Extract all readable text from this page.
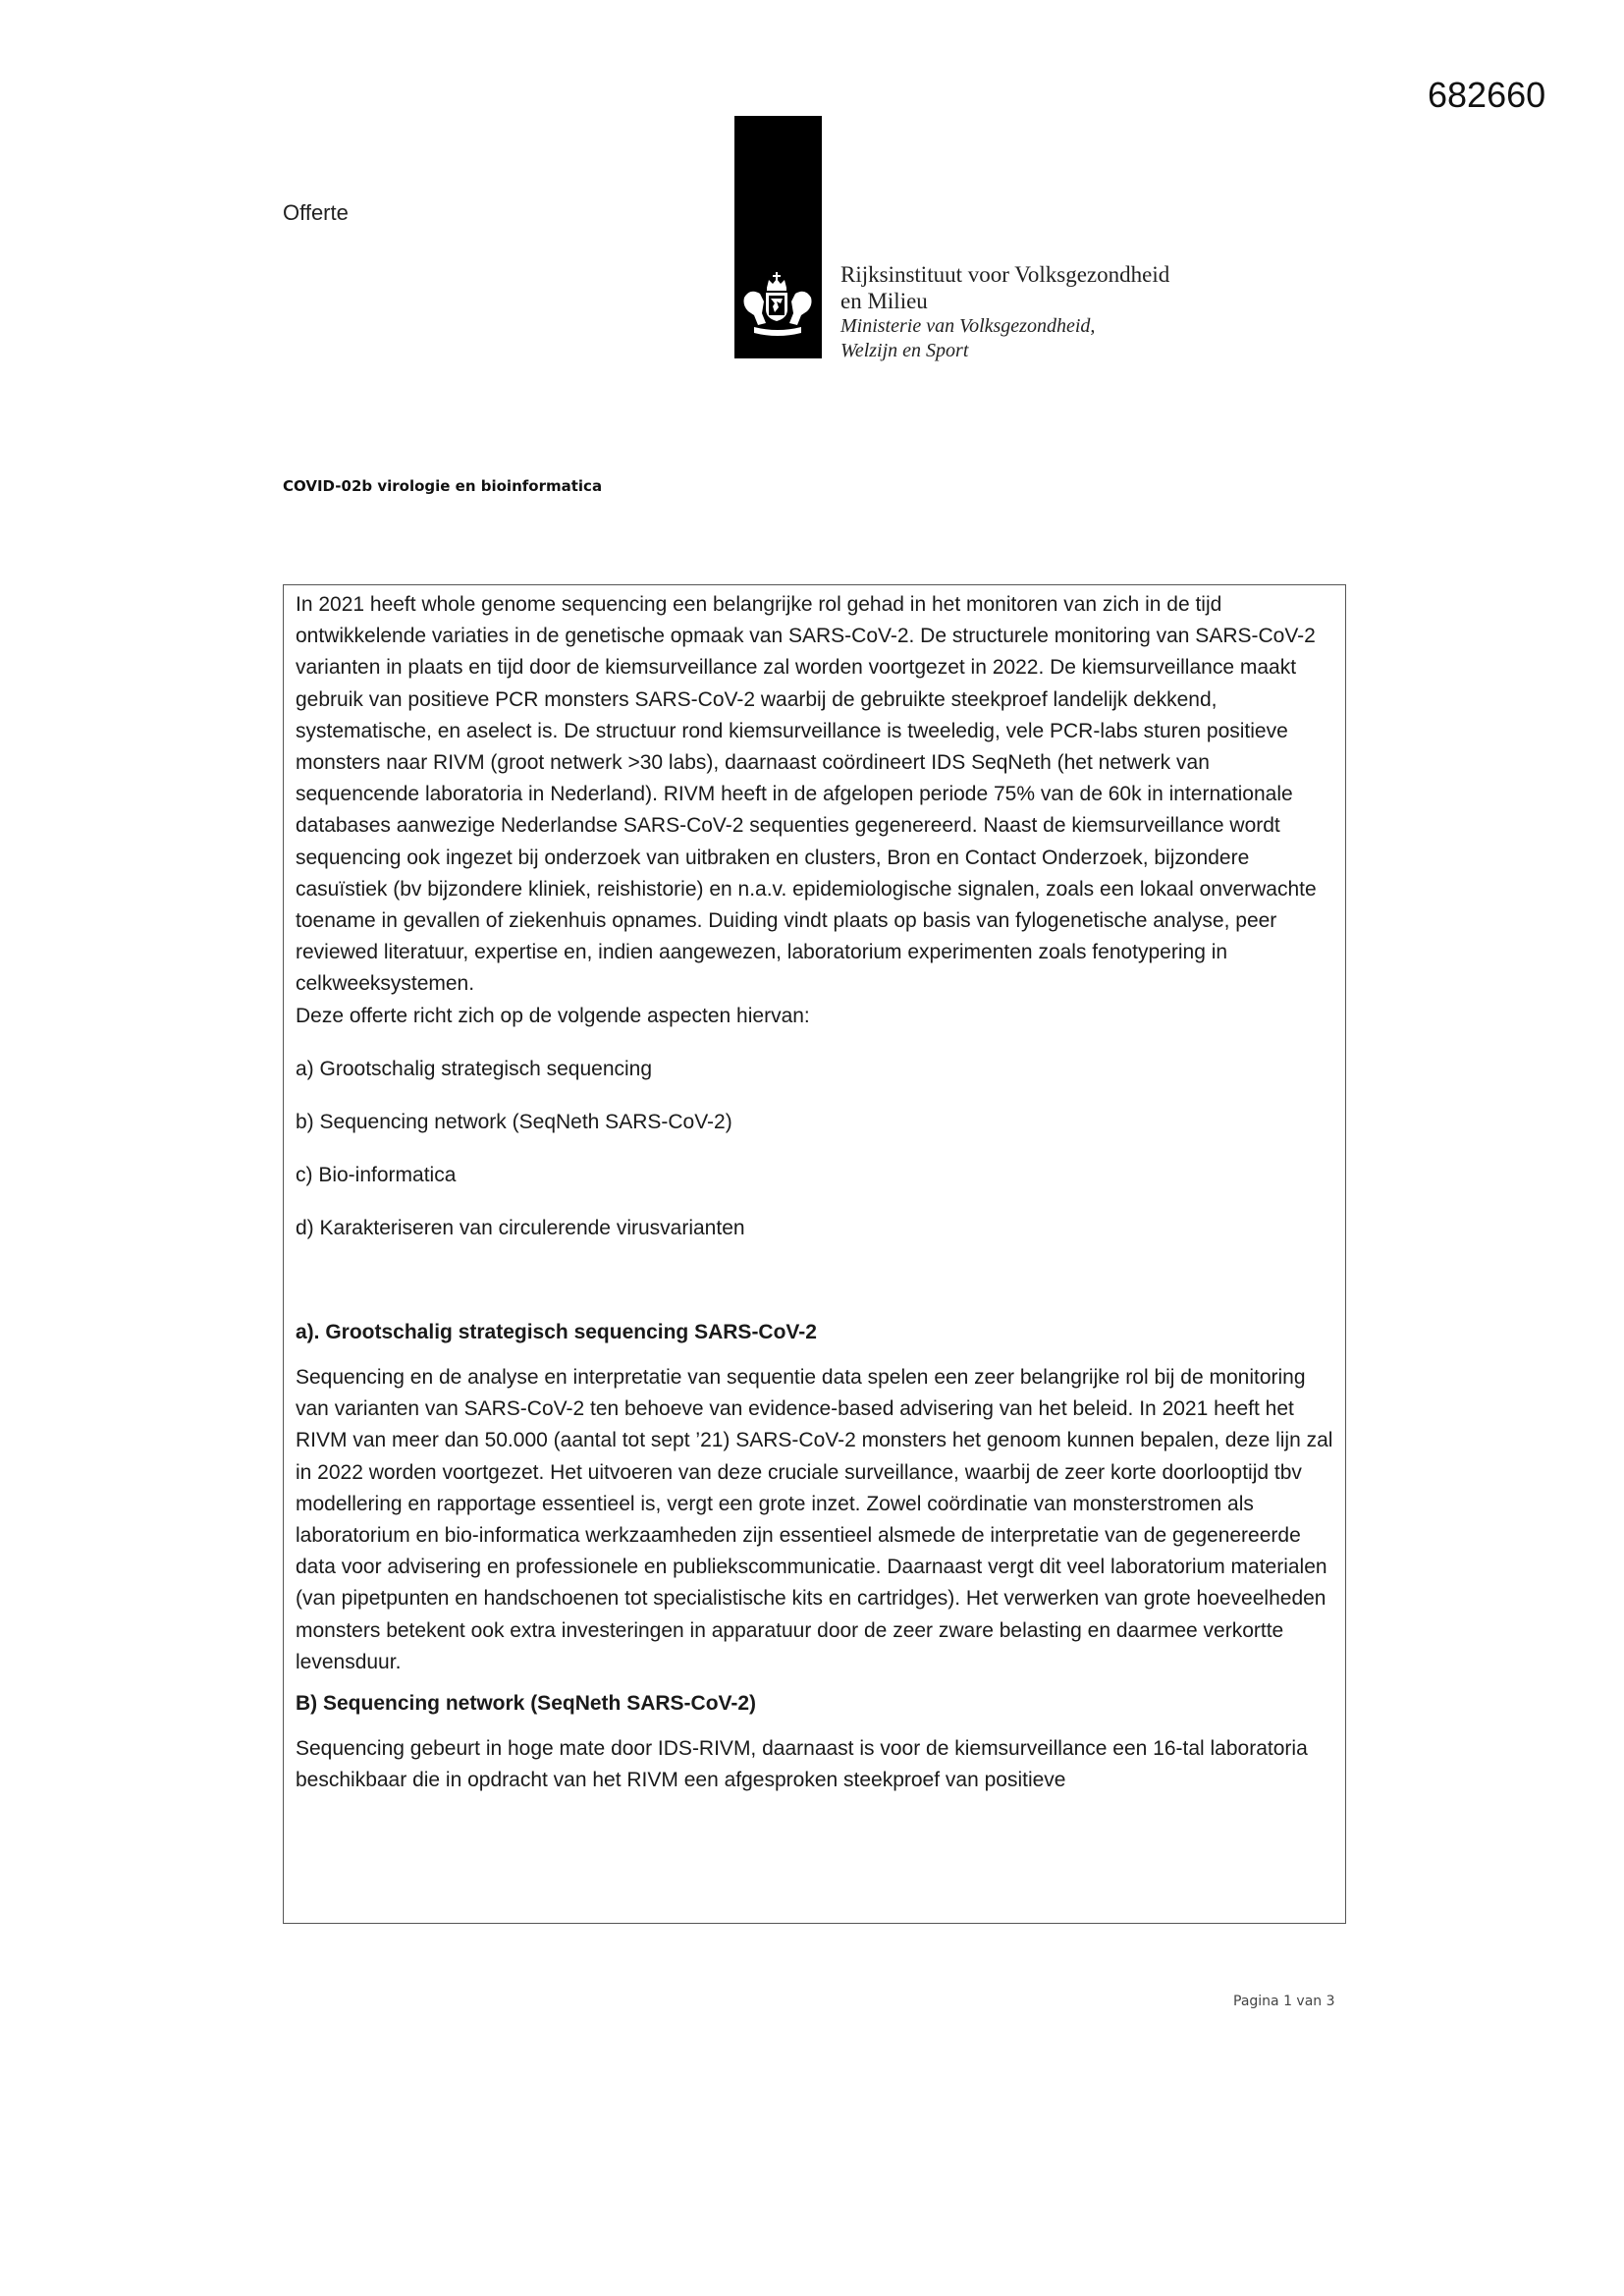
682660
Offerte
Rijksinstituut voor Volksgezondheid
en Milieu
Ministerie van Volksgezondheid,
Welzijn en Sport
COVID-02b virologie en bioinformatica

In 2021 heeft whole genome sequencing een belangrijke rol gehad in het monitoren van zich in de tijd ontwikkelende variaties in de genetische opmaak van SARS-CoV-2. De structurele monitoring van SARS-CoV-2 varianten in plaats en tijd door de kiemsurveillance zal worden voortgezet in 2022. De kiemsurveillance maakt gebruik van positieve PCR monsters SARS-CoV-2 waarbij de gebruikte steekproef landelijk dekkend, systematische, en aselect is. De structuur rond kiemsurveillance is tweeledig, vele PCR-labs sturen positieve monsters naar RIVM (groot netwerk >30 labs), daarnaast coördineert IDS SeqNeth (het netwerk van sequencende laboratoria in Nederland). RIVM heeft in de afgelopen periode 75% van de 60k in internationale databases aanwezige Nederlandse SARS-CoV-2 sequenties gegenereerd. Naast de kiemsurveillance wordt sequencing ook ingezet bij onderzoek van uitbraken en clusters, Bron en Contact Onderzoek, bijzondere casuïstiek (bv bijzondere kliniek, reishistorie) en n.a.v. epidemiologische signalen, zoals een lokaal onverwachte toename in gevallen of ziekenhuis opnames. Duiding vindt plaats op basis van fylogenetische analyse, peer reviewed literatuur, expertise en, indien aangewezen, laboratorium experimenten zoals fenotypering in celkweeksystemen.

Deze offerte richt zich op de volgende aspecten hiervan:

a) Grootschalig strategisch sequencing

b) Sequencing network (SeqNeth SARS-CoV-2)

c) Bio-informatica

d) Karakteriseren van circulerende virusvarianten

a). Grootschalig strategisch sequencing SARS-CoV-2

Sequencing en de analyse en interpretatie van sequentie data spelen een zeer belangrijke rol bij de monitoring van varianten van SARS-CoV-2 ten behoeve van evidence-based advisering van het beleid. In 2021 heeft het RIVM van meer dan 50.000 (aantal tot sept ’21) SARS-CoV-2 monsters het genoom kunnen bepalen, deze lijn zal in 2022 worden voortgezet. Het uitvoeren van deze cruciale surveillance, waarbij de zeer korte doorlooptijd tbv modellering en rapportage essentieel is, vergt een grote inzet. Zowel coördinatie van monsterstromen als laboratorium en bio-informatica werkzaamheden zijn essentieel alsmede de interpretatie van de gegenereerde data voor advisering en professionele en publiekscommunicatie. Daarnaast vergt dit veel laboratorium materialen (van pipetpunten en handschoenen tot specialistische kits en cartridges). Het verwerken van grote hoeveelheden monsters betekent ook extra investeringen in apparatuur door de zeer zware belasting en daarmee verkortte levensduur.

B) Sequencing network (SeqNeth SARS-CoV-2)

Sequencing gebeurt in hoge mate door IDS-RIVM, daarnaast is voor de kiemsurveillance een 16-tal laboratoria beschikbaar die in opdracht van het RIVM een afgesproken steekproef van positieve

Pagina 1 van 3
